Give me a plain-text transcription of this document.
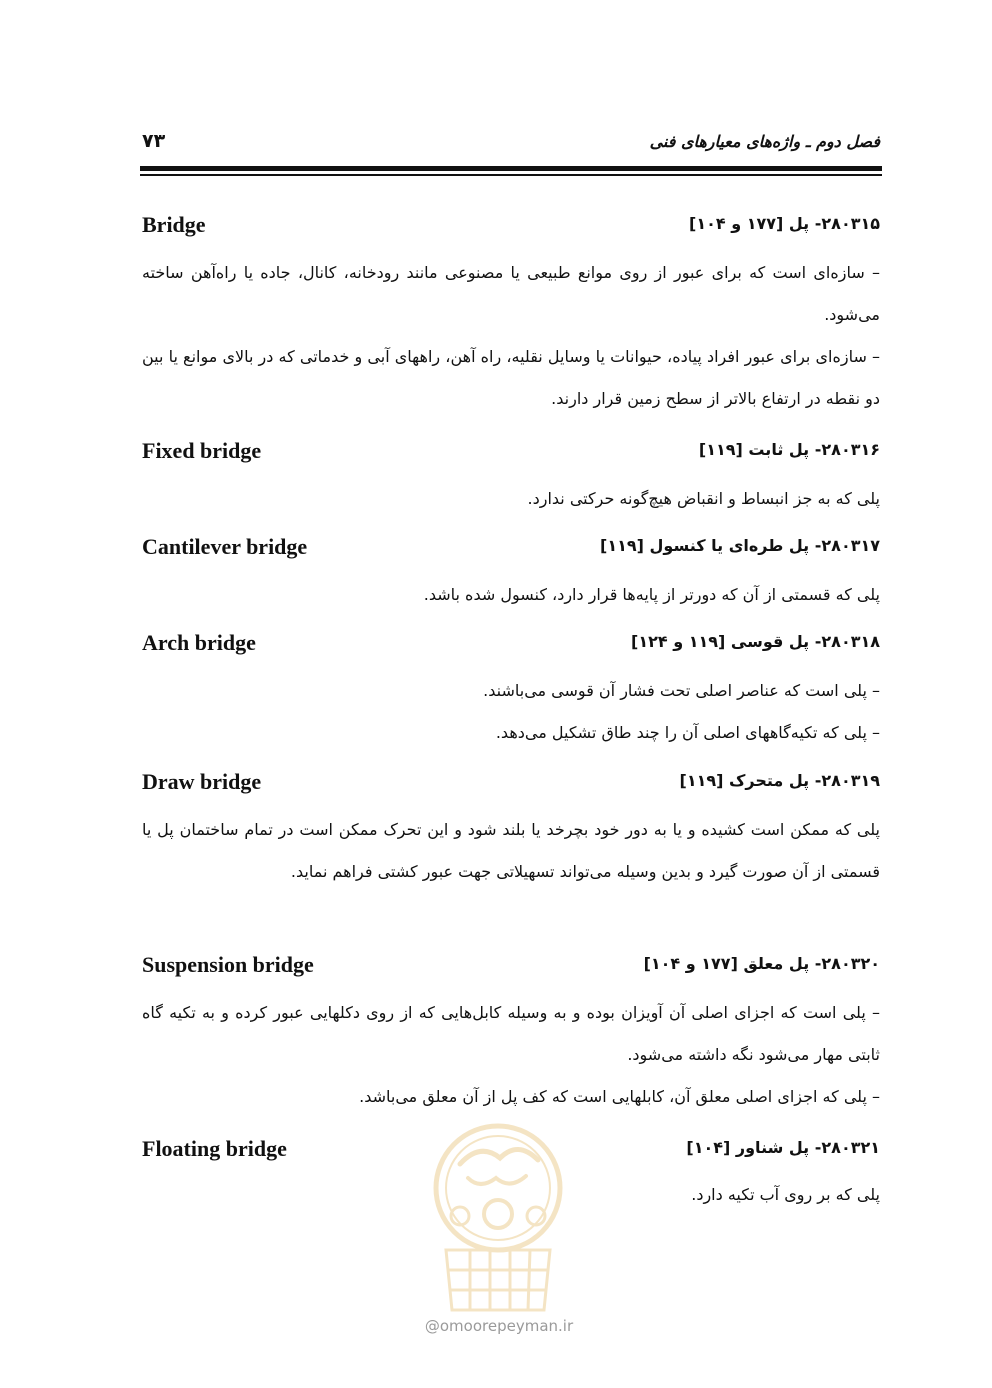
فصل دوم ـ واژه‌های معیارهای فنی
۷۳
Bridge	۲۸۰۳۱۵- پل [۱۷۷ و ۱۰۴]

– سازه‌ای است که برای عبور از روی موانع طبیعی یا مصنوعی مانند رودخانه، کانال، جاده یا راه‌آهن ساخته می‌شود.

– سازه‌ای برای عبور افراد پیاده، حیوانات یا وسایل نقلیه، راه آهن، راههای آبی و خدماتی که در بالای موانع یا بین دو نقطه در ارتفاع بالاتر از سطح زمین قرار دارند.

Fixed bridge	۲۸۰۳۱۶- پل ثابت [۱۱۹]

پلی که به جز انبساط و انقباض هیچ‌گونه حرکتی ندارد.

Cantilever bridge	۲۸۰۳۱۷- پل طره‌ای یا کنسول [۱۱۹]

پلی که قسمتی از آن که دورتر از پایه‌ها قرار دارد، کنسول شده باشد.

Arch bridge	۲۸۰۳۱۸- پل قوسی [۱۱۹ و ۱۲۴]

– پلی است که عناصر اصلی تحت فشار آن قوسی می‌باشند.

– پلی که تکیه‌گاههای اصلی آن را چند طاق تشکیل می‌دهد.

Draw bridge	۲۸۰۳۱۹- پل متحرک [۱۱۹]

پلی که ممکن است کشیده و یا به دور خود بچرخد یا بلند شود و این تحرک ممکن است در تمام ساختمان پل یا قسمتی از آن صورت گیرد و بدین وسیله می‌تواند تسهیلاتی جهت عبور کشتی فراهم نماید.

Suspension bridge	۲۸۰۳۲۰- پل معلق [۱۷۷ و ۱۰۴]

– پلی است که اجزای اصلی آن آویزان بوده و به وسیله کابل‌هایی که از روی دکلهایی عبور کرده و به تکیه گاه ثابتی مهار می‌شود نگه داشته می‌شود.

– پلی که اجزای اصلی معلق آن، کابلهایی است که کف پل از آن معلق می‌باشد.

Floating bridge	۲۸۰۳۲۱- پل شناور [۱۰۴]

پلی که بر روی آب تکیه دارد.

@omoorepeyman.ir
